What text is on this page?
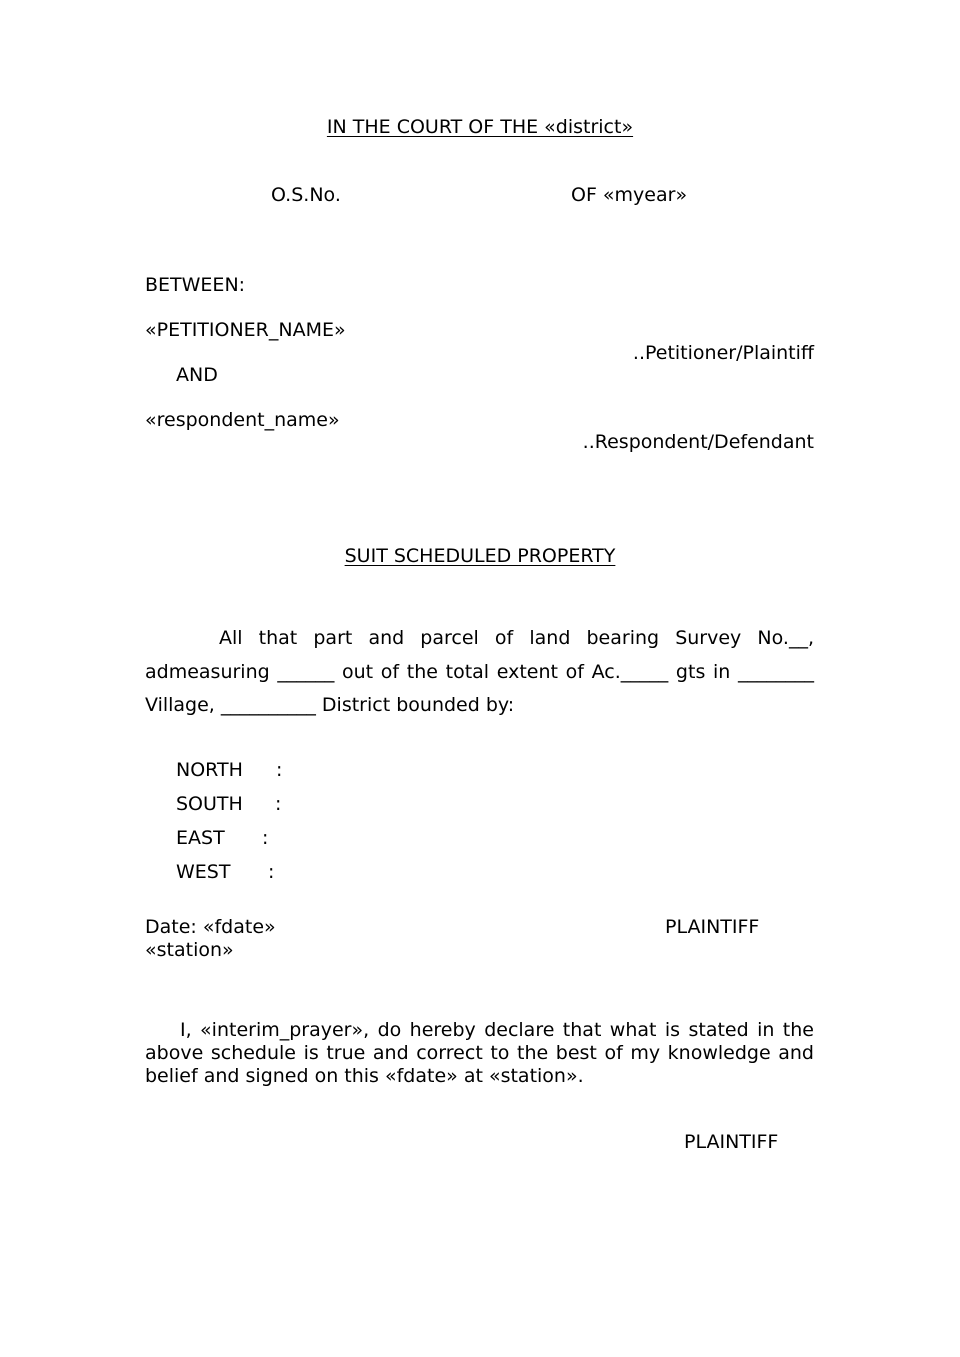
IN THE COURT OF THE «district»
O.S.No.	OF «myear»
BETWEEN:
«PETITIONER_NAME»
..Petitioner/Plaintiff
AND
«respondent_name»
..Respondent/Defendant
SUIT SCHEDULED PROPERTY
All that part and parcel of land bearing Survey No.__,
admeasuring ______ out of the total extent of Ac._____ gts in ________ Village, __________ District bounded by:
NORTH :
SOUTH :
EAST :
WEST :
Date: «fdate»	PLAINTIFF
«station»
I, «interim_prayer», do hereby declare that what is stated in the above schedule is true and correct to the best of my knowledge and belief and signed on this «fdate» at «station».
PLAINTIFF
